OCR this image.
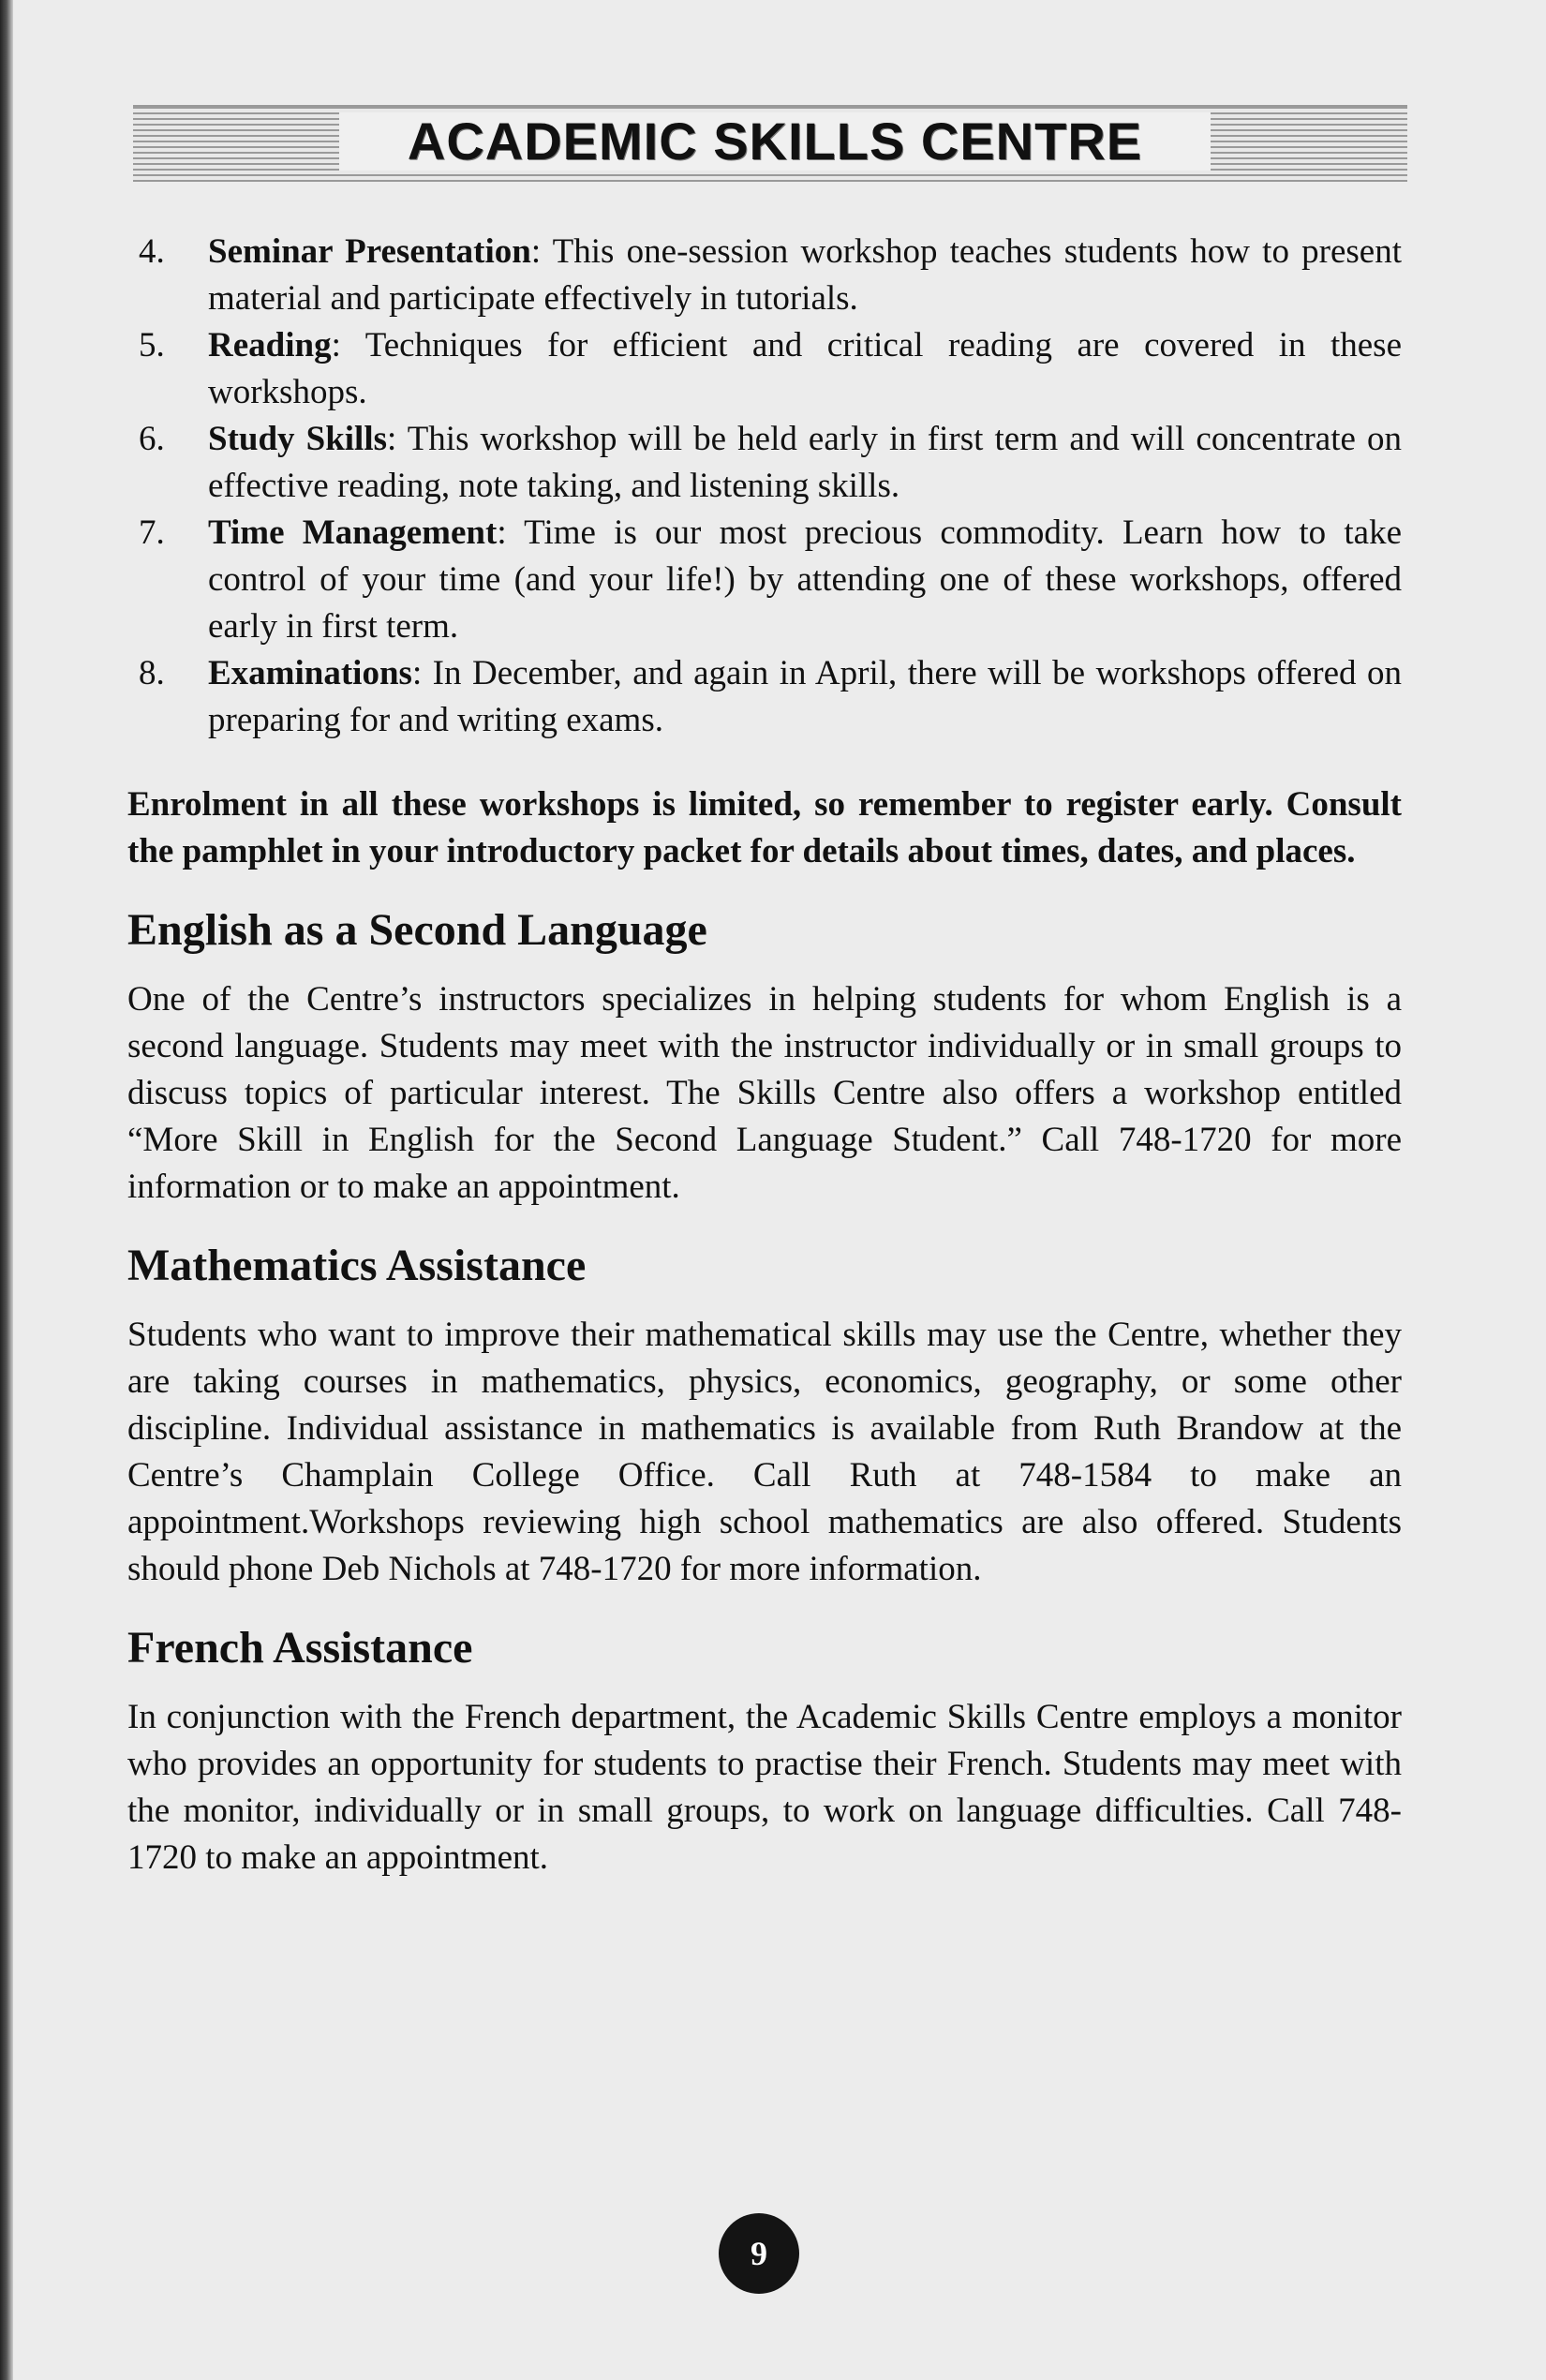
ACADEMIC SKILLS CENTRE
4. Seminar Presentation: This one-session workshop teaches students how to present material and participate effectively in tutorials.
5. Reading: Techniques for efficient and critical reading are covered in these workshops.
6. Study Skills: This workshop will be held early in first term and will concentrate on effective reading, note taking, and listening skills.
7. Time Management: Time is our most precious commodity. Learn how to take control of your time (and your life!) by attending one of these workshops, offered early in first term.
8. Examinations: In December, and again in April, there will be workshops offered on preparing for and writing exams.
Enrolment in all these workshops is limited, so remember to register early. Consult the pamphlet in your introductory packet for details about times, dates, and places.
English as a Second Language

One of the Centre’s instructors specializes in helping students for whom English is a second language. Students may meet with the instructor individually or in small groups to discuss topics of particular interest. The Skills Centre also offers a workshop entitled “More Skill in English for the Second Language Student.” Call 748-1720 for more information or to make an appointment.

Mathematics Assistance

Students who want to improve their mathematical skills may use the Centre, whether they are taking courses in mathematics, physics, economics, geography, or some other discipline. Individual assistance in mathematics is available from Ruth Brandow at the Centre’s Champlain College Office. Call Ruth at 748-1584 to make an appointment.Workshops reviewing high school mathematics are also offered. Students should phone Deb Nichols at 748-1720 for more information.

French Assistance

In conjunction with the French department, the Academic Skills Centre employs a monitor who provides an opportunity for students to practise their French. Students may meet with the monitor, individually or in small groups, to work on language difficulties. Call 748-1720 to make an appointment.

9
